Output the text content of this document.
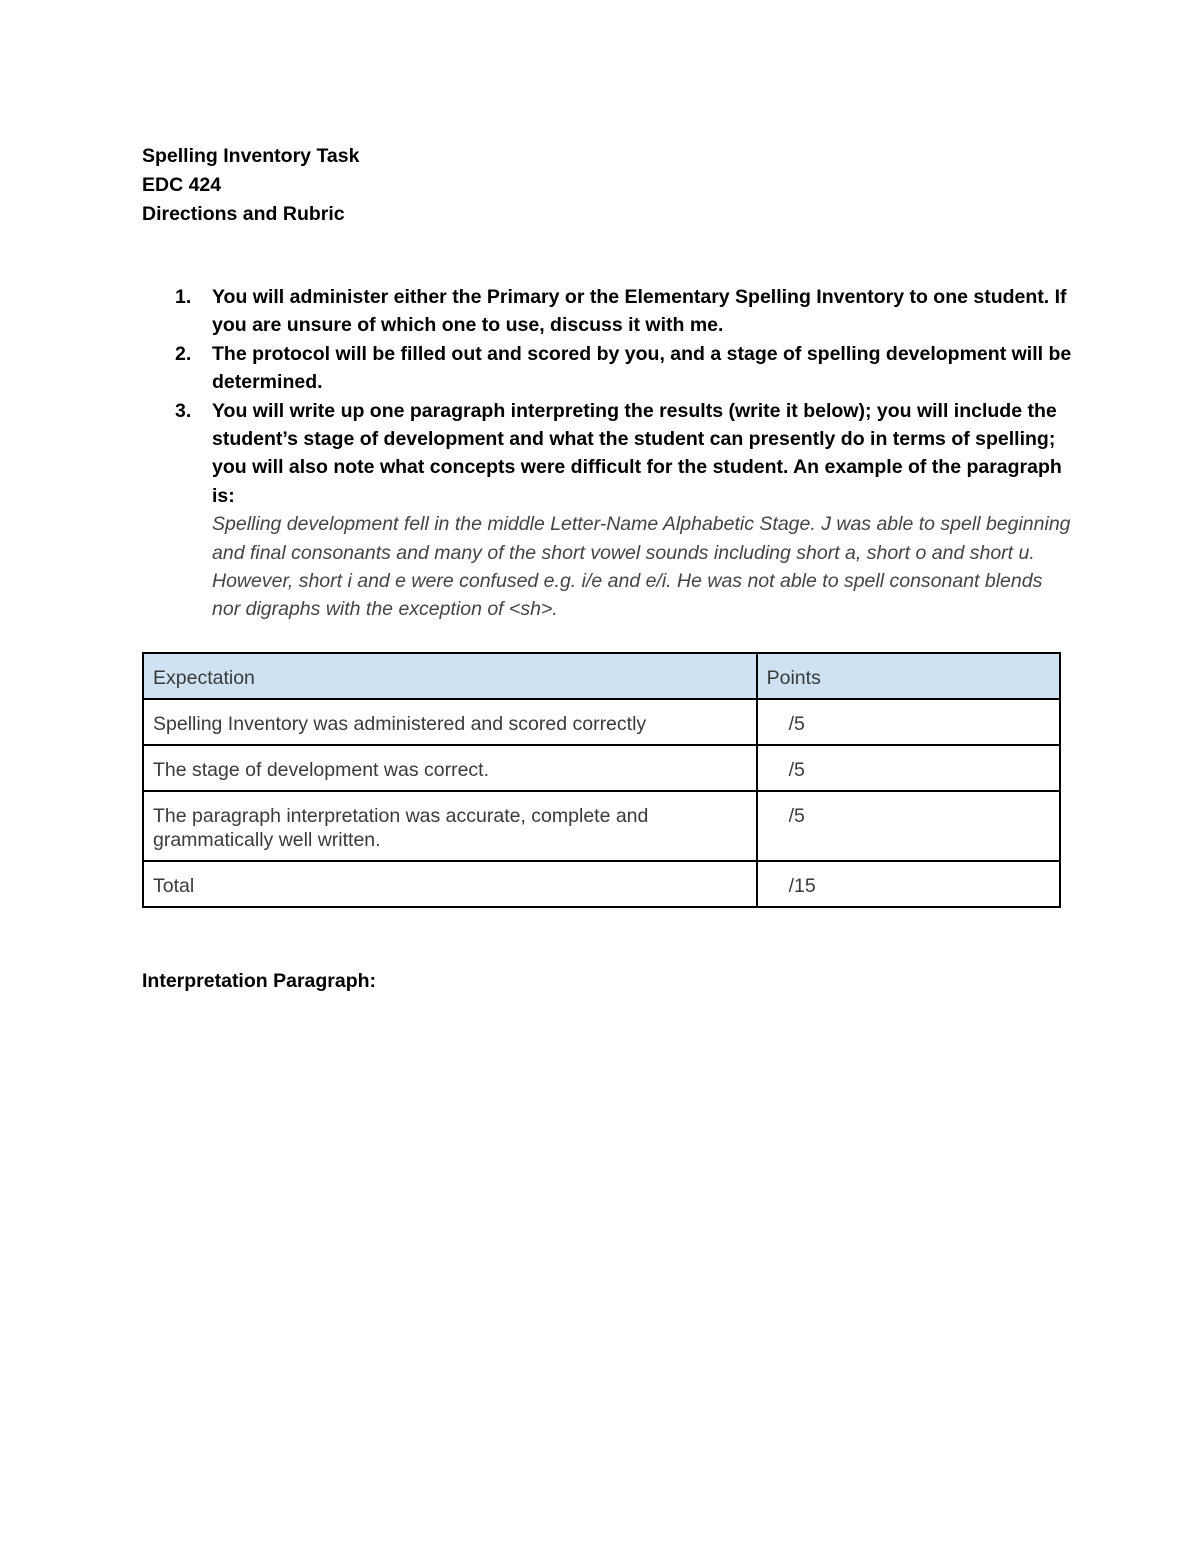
Spelling Inventory Task
EDC 424
Directions and Rubric
1. You will administer either the Primary or the Elementary Spelling Inventory to one student. If you are unsure of which one to use, discuss it with me.
2. The protocol will be filled out and scored by you, and a stage of spelling development will be determined.
3. You will write up one paragraph interpreting the results (write it below); you will include the student’s stage of development and what the student can presently do in terms of spelling; you will also note what concepts were difficult for the student. An example of the paragraph is:
Spelling development fell in the middle Letter-Name Alphabetic Stage. J was able to spell beginning and final consonants and many of the short vowel sounds including short a, short o and short u. However, short i and e were confused e.g. i/e and e/i. He was not able to spell consonant blends nor digraphs with the exception of <sh>.
Expectation	Points
Spelling Inventory was administered and scored correctly	/5
The stage of development was correct.	/5
The paragraph interpretation was accurate, complete and grammatically well written.	/5
Total	/15
Interpretation Paragraph:
